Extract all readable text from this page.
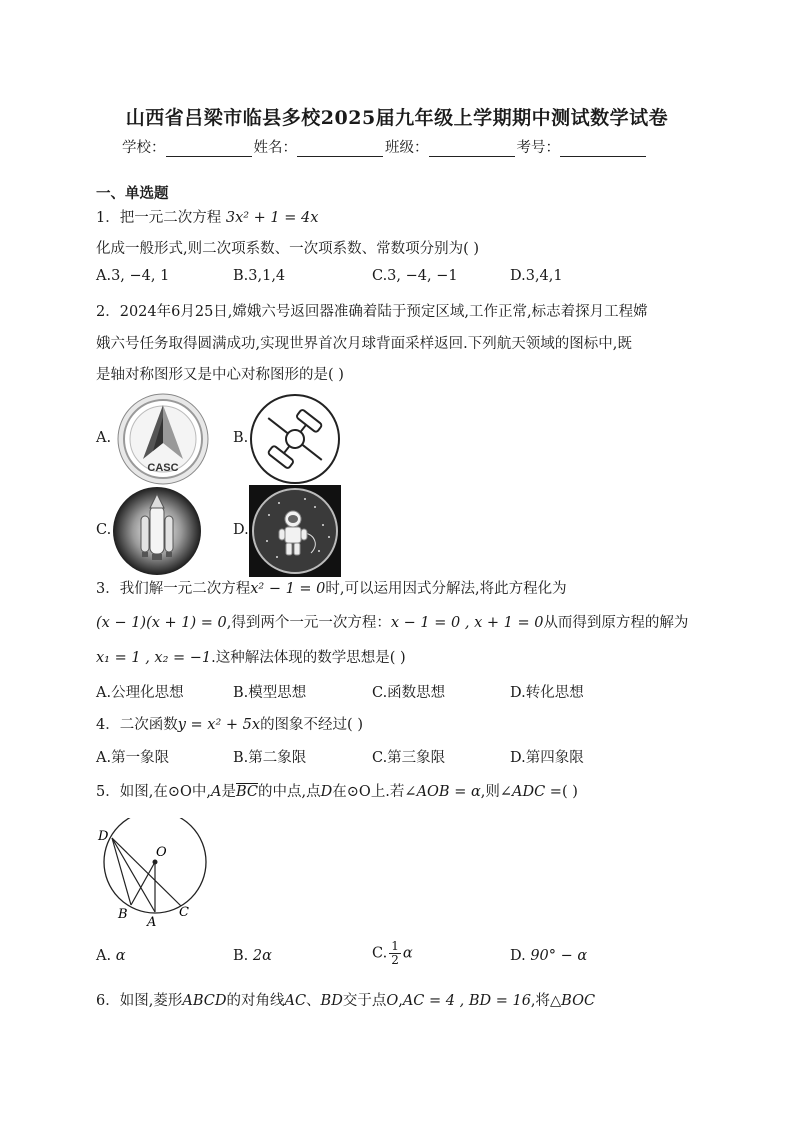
山西省吕梁市临县多校2025届九年级上学期期中测试数学试卷
学校：	姓名：	班级：	考号：
一、单选题
1．把一元二次方程 3x² + 1 = 4x
化成一般形式,则二次项系数、一次项系数、常数项分别为( )
A.3, −4, 1	B.3,1,4	C.3, −4, −1	D.3,4,1
2．2024年6月25日,嫦娥六号返回器准确着陆于预定区域,工作正常,标志着探月工程嫦
娥六号任务取得圆满成功,实现世界首次月球背面采样返回.下列航天领域的图标中,既
是轴对称图形又是中心对称图形的是( )
A.
CASC
B.
C.	D.
3．我们解一元二次方程x² − 1 = 0时,可以运用因式分解法,将此方程化为
(x − 1)(x + 1) = 0,得到两个一元一次方程：x − 1 = 0 , x + 1 = 0从而得到原方程的解为
x₁ = 1 , x₂ = −1.这种解法体现的数学思想是( )
A.公理化思想	B.模型思想	C.函数思想	D.转化思想
4．二次函数y = x² + 5x的图象不经过( )
A.第一象限	B.第二象限	C.第三象限	D.第四象限
5．如图,在⊙O中,A是$\overline{BC}$的中点,点D在⊙O上.若∠AOB = α,则∠ADC =( )
D
O
B
A
C
A. α	B. 2α	C. $\frac{1}{2}$ α	D. 90° − α
6．如图,菱形ABCD的对角线AC、BD交于点O,AC = 4 , BD = 16,将△BOC
